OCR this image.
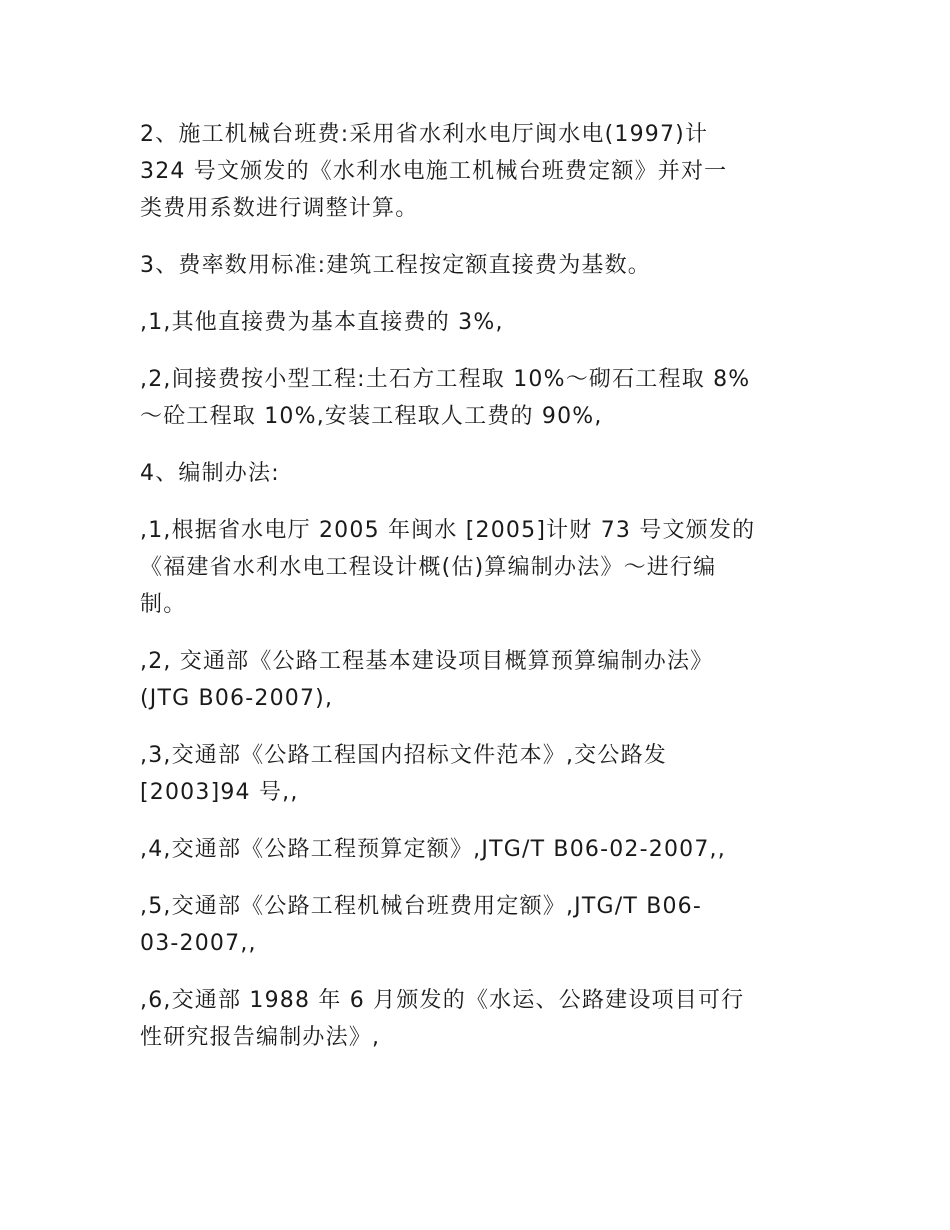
2、施工机械台班费:采用省水利水电厅闽水电(1997)计
324 号文颁发的《水利水电施工机械台班费定额》并对一
类费用系数进行调整计算。

3、费率数用标准:建筑工程按定额直接费为基数。

,1,其他直接费为基本直接费的 3%,

,2,间接费按小型工程:土石方工程取 10%～砌石工程取 8%
～砼工程取 10%,安装工程取人工费的 90%,

4、编制办法:

,1,根据省水电厅 2005 年闽水 [2005]计财 73 号文颁发的
《福建省水利水电工程设计概(估)算编制办法》～进行编
制。

,2, 交通部《公路工程基本建设项目概算预算编制办法》
(JTG B06-2007),

,3,交通部《公路工程国内招标文件范本》,交公路发
[2003]94 号,,

,4,交通部《公路工程预算定额》,JTG/T B06-02-2007,,

,5,交通部《公路工程机械台班费用定额》,JTG/T B06-
03-2007,,

,6,交通部 1988 年 6 月颁发的《水运、公路建设项目可行
性研究报告编制办法》,
